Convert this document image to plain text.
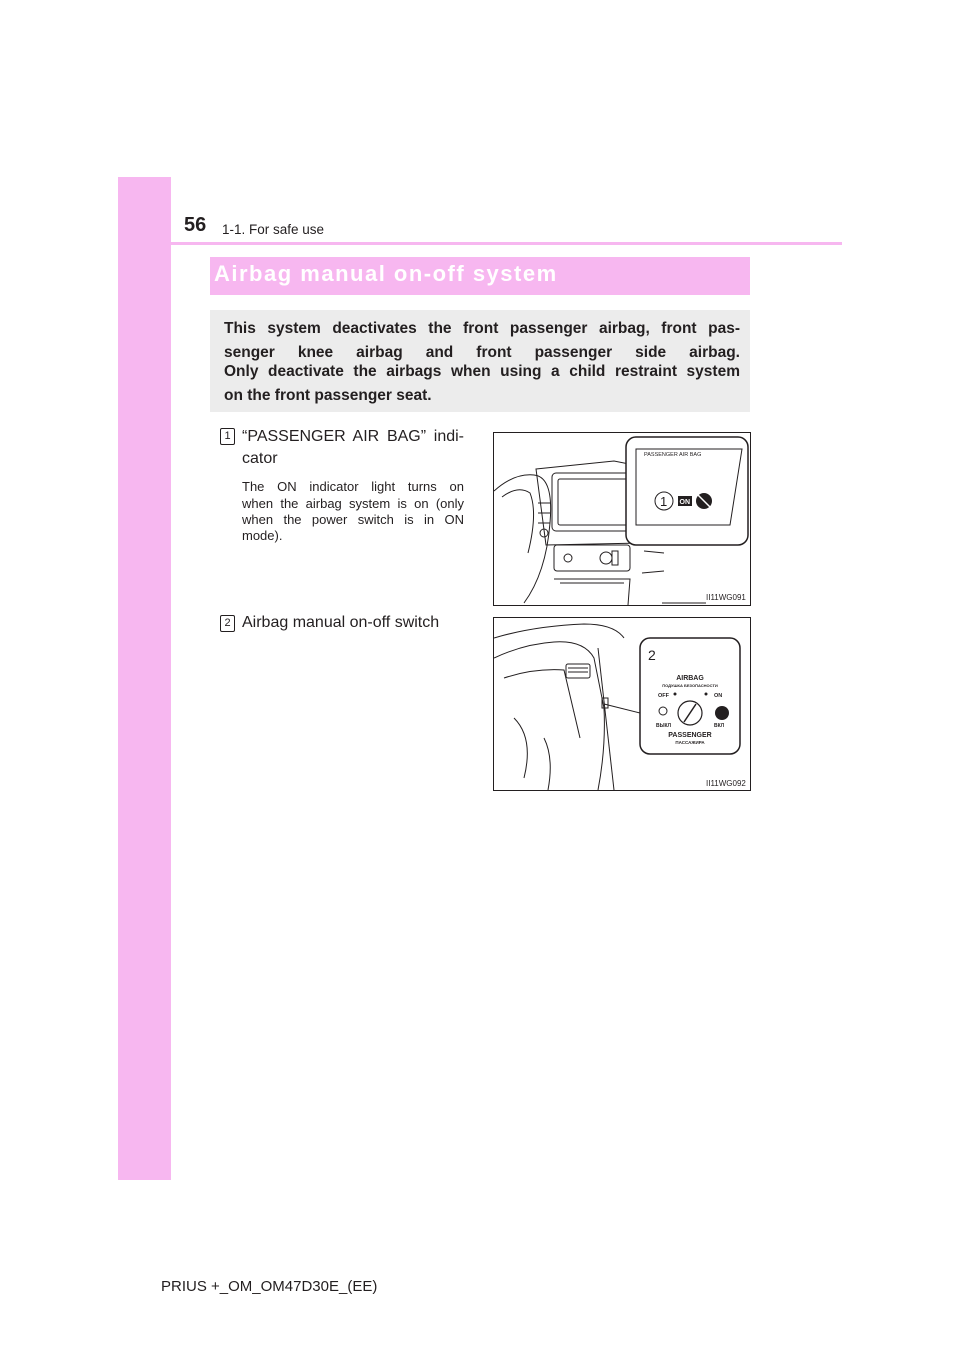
56 1-1. For safe use
Airbag manual on-off system
This system deactivates the front passenger airbag, front pas-
senger knee airbag and front passenger side airbag.
Only deactivate the airbags when using a child restraint system
on the front passenger seat.
1 “PASSENGER AIR BAG” indi-
cator
The ON indicator light turns on
when the airbag system is on (only
when the power switch is in ON
mode).
2 Airbag manual on-off switch
PASSENGER AIR BAG
1 ON
II11WG091
2
AIRBAG
ПОДУШКА БЕЗОПАСНОСТИ
OFF	ON
ВЫКЛ	ВКЛ
PASSENGER
ПАССАЖИРА
II11WG092
PRIUS +_OM_OM47D30E_(EE)
